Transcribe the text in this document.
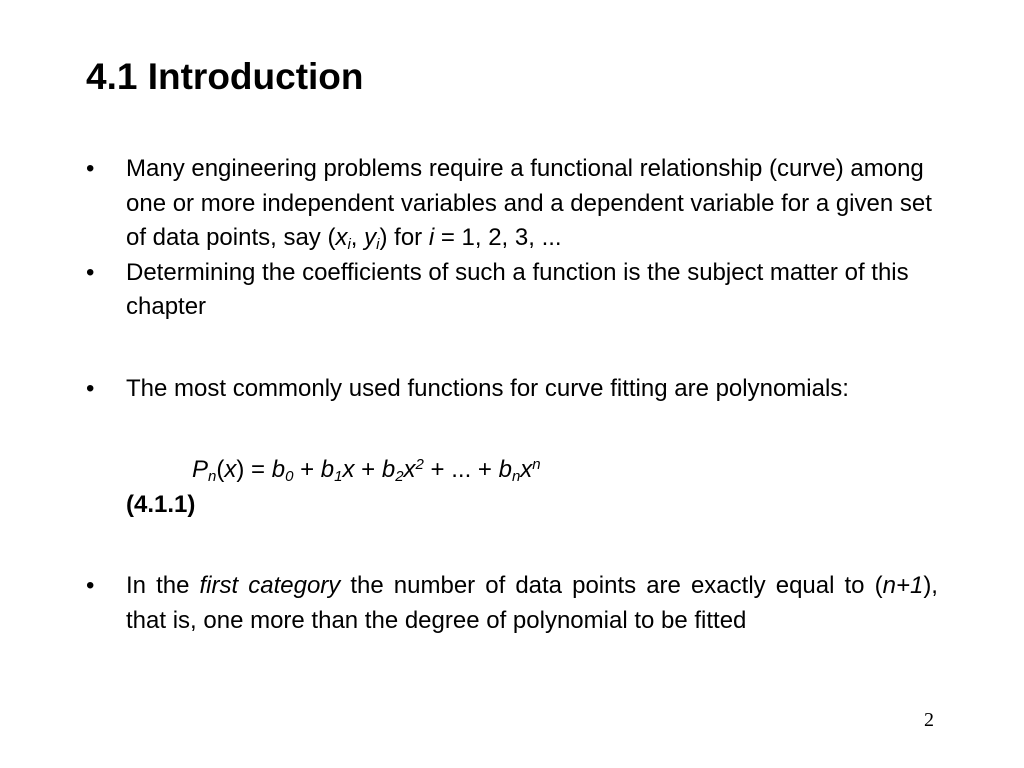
4.1 Introduction
• Many engineering problems require a functional relationship (curve) among one or more independent variables and a dependent variable for a given set of data points, say ($x_i$, $y_i$) for i = 1, 2, 3, ...
• Determining the coefficients of such a function is the subject matter of this chapter
• The most commonly used functions for curve fitting are polynomials:
$P_n(x) = b_0 + b_1x + b_2x^2$ + ... + $b_nx^n$
(4.1.1)
• In the first category the number of data points are exactly equal to (n+1), that is, one more than the degree of polynomial to be fitted
2
